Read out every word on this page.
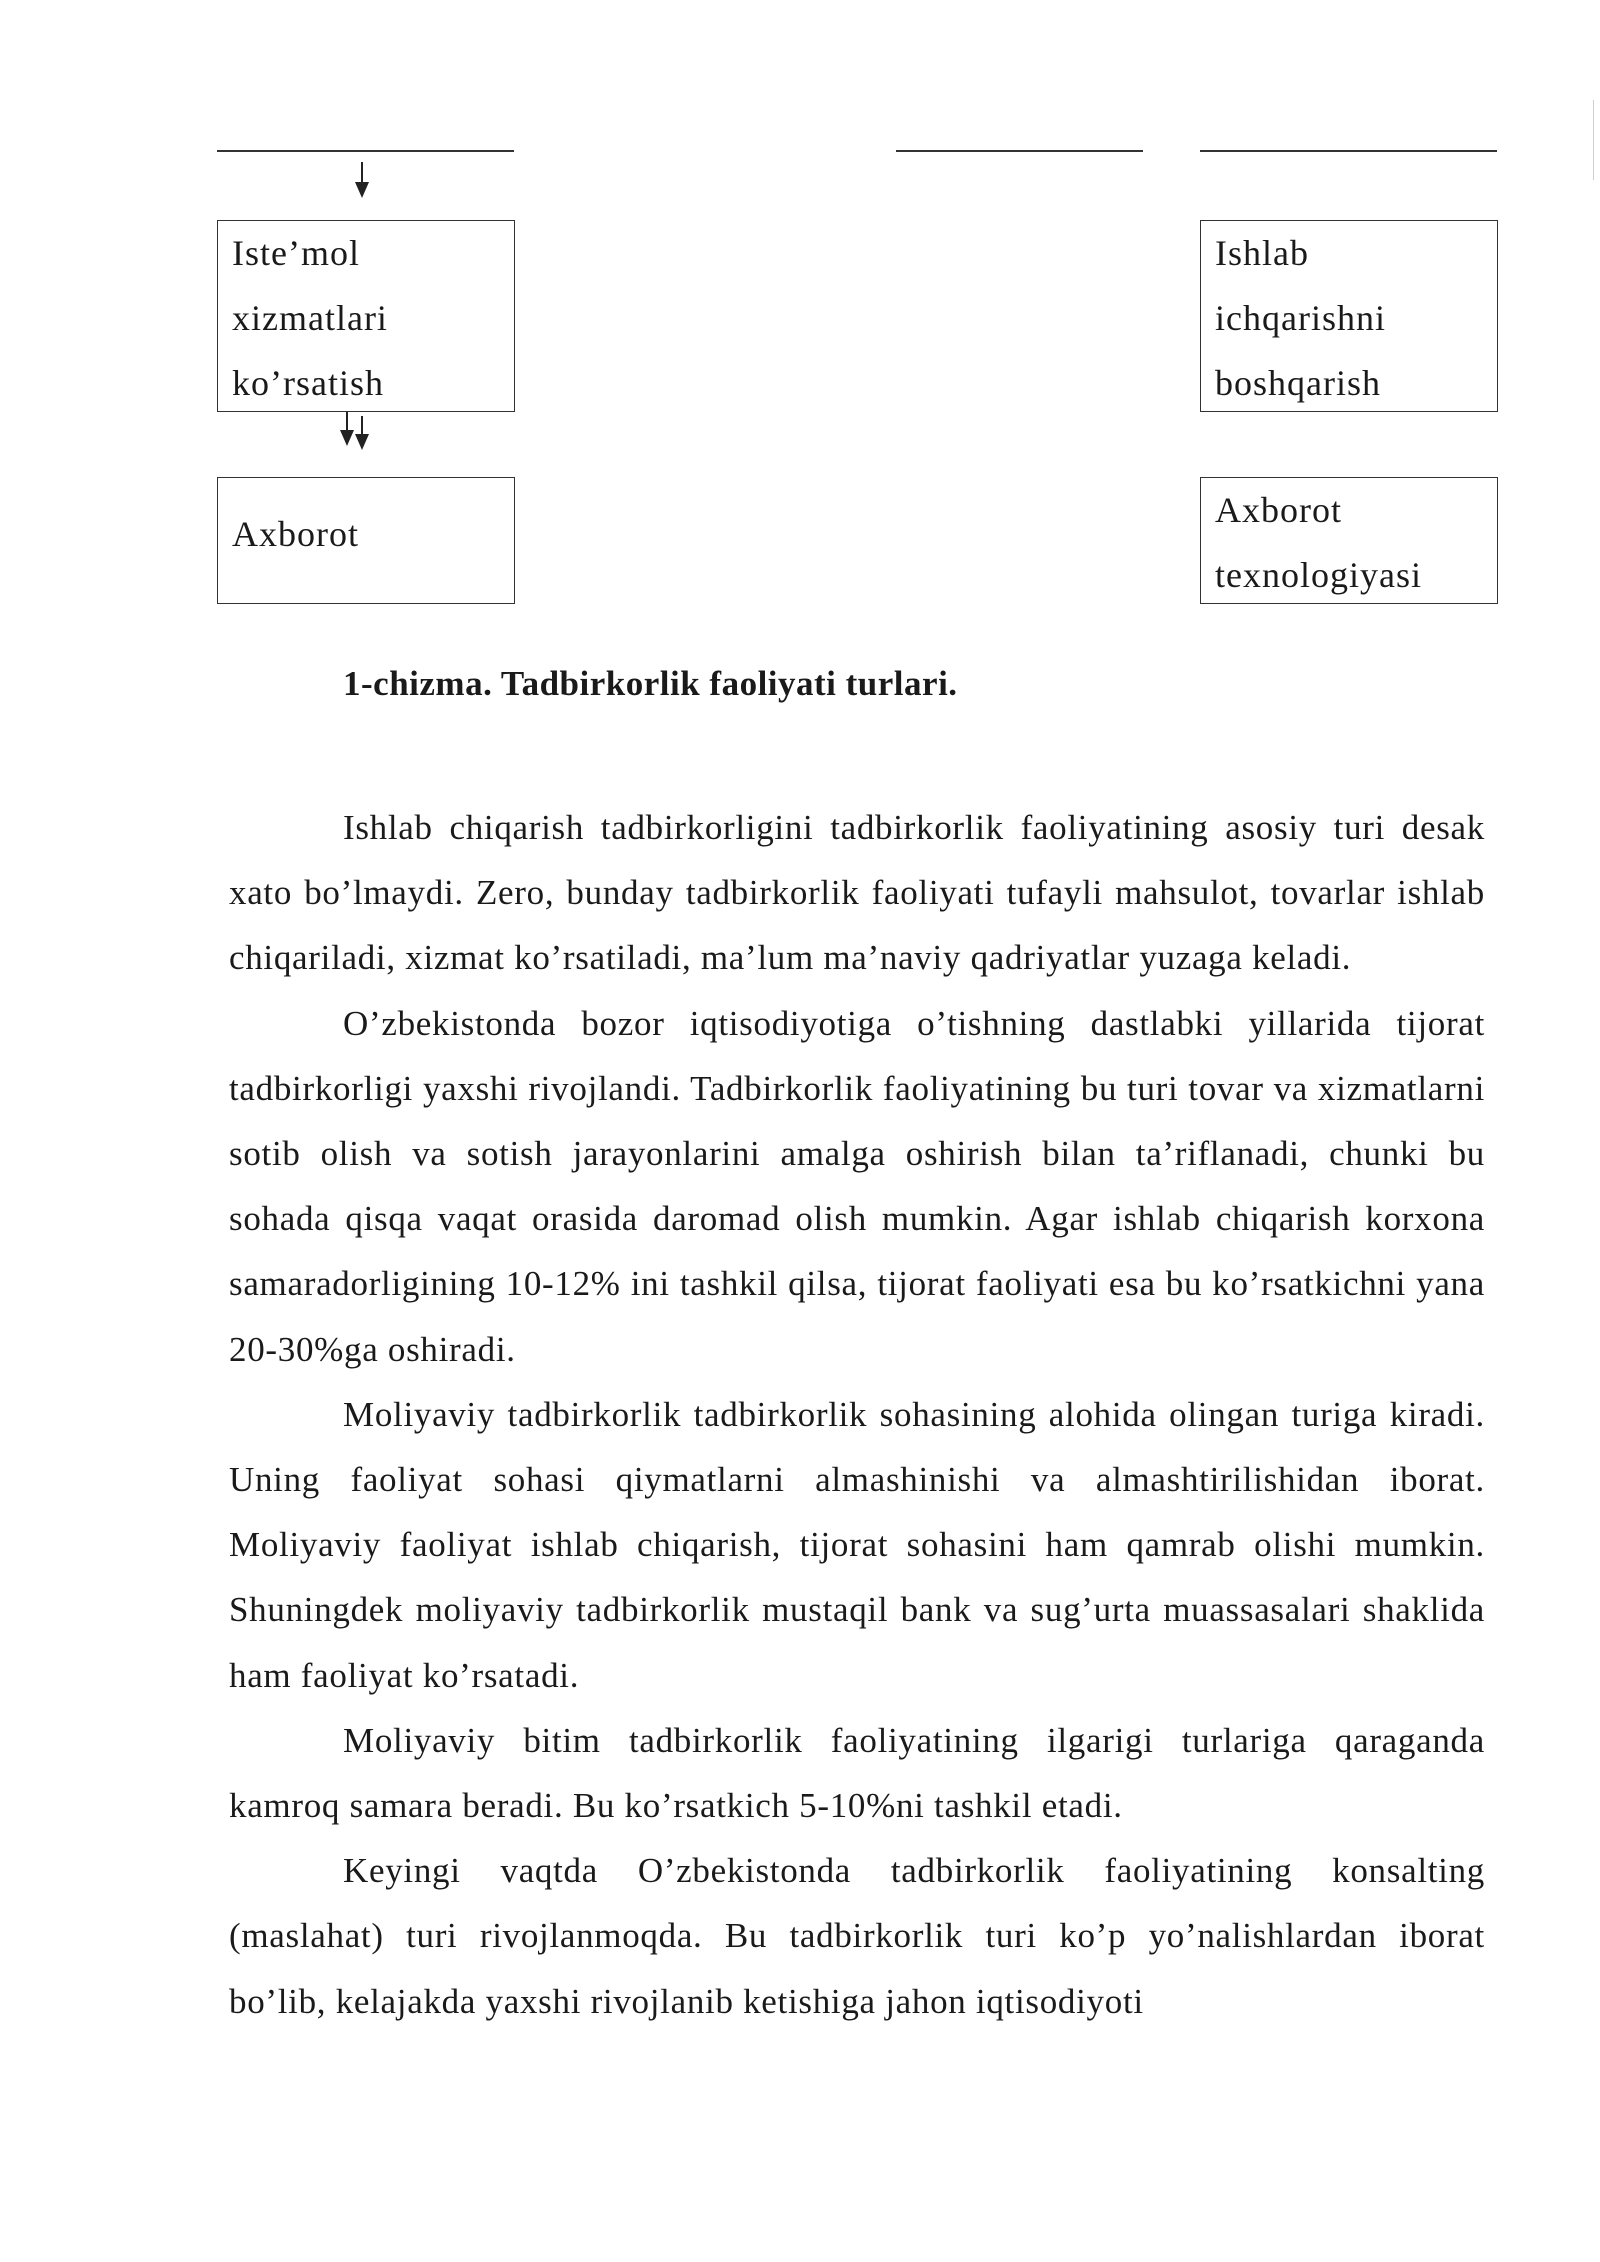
Iste’mol
xizmatlari
ko’rsatish
Ishlab
ichqarishni
boshqarish
Axborot
Axborot
texnologiyasi
1-chizma. Tadbirkorlik faoliyati turlari.

Ishlab chiqarish tadbirkorligini tadbirkorlik faoliyatining asosiy turi desak xato bo’lmaydi. Zero, bunday tadbirkorlik faoliyati tufayli mahsulot, tovarlar ishlab chiqariladi, xizmat ko’rsatiladi, ma’lum ma’naviy qadriyatlar yuzaga keladi.

O’zbekistonda bozor iqtisodiyotiga o’tishning dastlabki yillarida tijorat tadbirkorligi yaxshi rivojlandi. Tadbirkorlik faoliyatining bu turi tovar va xizmatlarni sotib olish va sotish jarayonlarini amalga oshirish bilan ta’riflanadi, chunki bu sohada qisqa vaqat orasida daromad olish mumkin. Agar ishlab chiqarish korxona samaradorligining 10-12% ini tashkil qilsa, tijorat faoliyati esa bu ko’rsatkichni yana 20-30%ga oshiradi.

Moliyaviy tadbirkorlik tadbirkorlik sohasining alohida olingan turiga kiradi. Uning faoliyat sohasi qiymatlarni almashinishi va almashtirilishidan iborat. Moliyaviy faoliyat ishlab chiqarish, tijorat sohasini ham qamrab olishi mumkin. Shuningdek moliyaviy tadbirkorlik mustaqil bank va sug’urta muassasalari shaklida ham faoliyat ko’rsatadi.

Moliyaviy bitim tadbirkorlik faoliyatining ilgarigi turlariga qaraganda kamroq samara beradi. Bu ko’rsatkich 5-10%ni tashkil etadi.

Keyingi vaqtda O’zbekistonda tadbirkorlik faoliyatining konsalting (maslahat) turi rivojlanmoqda. Bu tadbirkorlik turi ko’p yo’nalishlardan iborat bo’lib, kelajakda yaxshi rivojlanib ketishiga jahon iqtisodiyoti
